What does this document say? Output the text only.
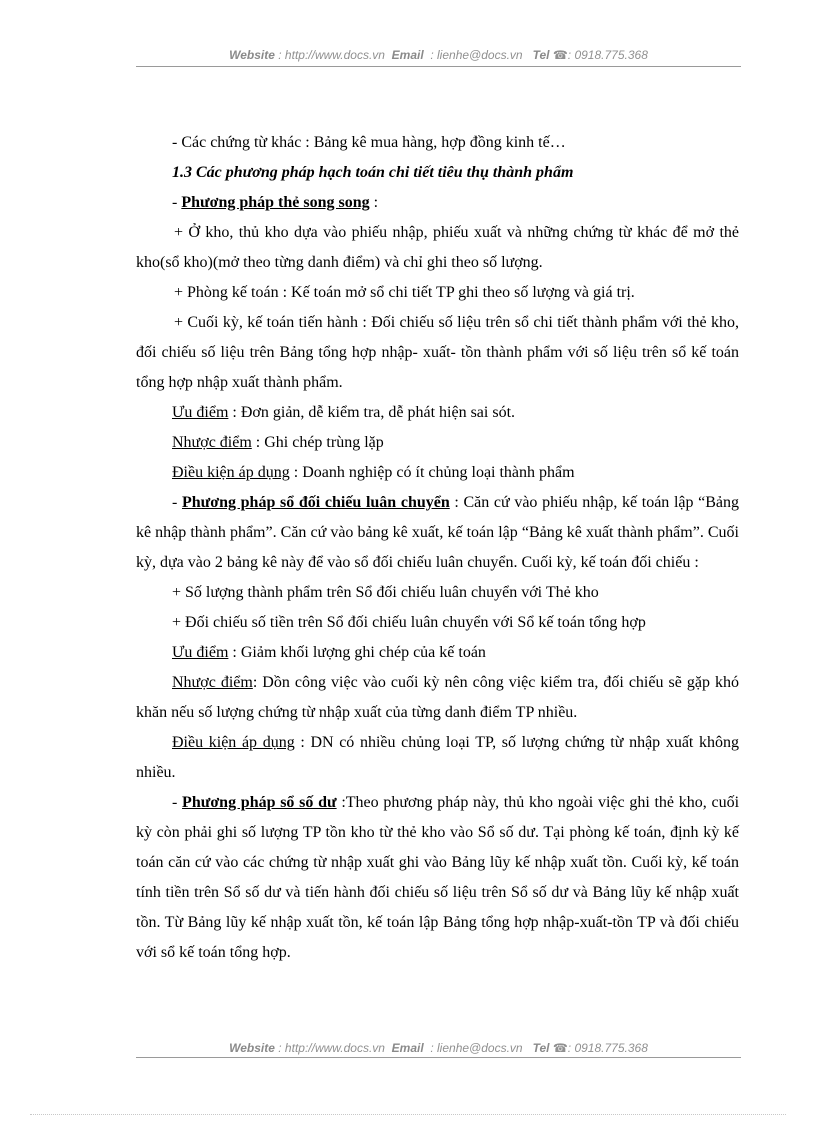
Website : http://www.docs.vn Email : lienhe@docs.vn Tel ☎: 0918.775.368

- Các chứng từ khác : Bảng kê mua hàng, hợp đồng kinh tế…

1.3 Các phương pháp hạch toán chi tiết tiêu thụ thành phẩm

- Phương pháp thẻ song song :

+ Ở kho, thủ kho dựa vào phiếu nhập, phiếu xuất và những chứng từ khác để mở thẻ kho(sổ kho)(mở theo từng danh điểm) và chỉ ghi theo số lượng.

+ Phòng kế toán : Kế toán mở sổ chi tiết TP ghi theo số lượng và giá trị.

+ Cuối kỳ, kế toán tiến hành : Đối chiếu số liệu trên sổ chi tiết thành phẩm với thẻ kho, đối chiếu số liệu trên Bảng tổng hợp nhập- xuất- tồn thành phẩm với số liệu trên sổ kế toán tổng hợp nhập xuất thành phẩm.

Ưu điểm : Đơn giản, dễ kiểm tra, dễ phát hiện sai sót.

Nhược điểm : Ghi chép trùng lặp

Điều kiện áp dụng : Doanh nghiệp có ít chủng loại thành phẩm

- Phương pháp sổ đối chiếu luân chuyển : Căn cứ vào phiếu nhập, kế toán lập “Bảng kê nhập thành phẩm”. Căn cứ vào bảng kê xuất, kế toán lập “Bảng kê xuất thành phẩm”. Cuối kỳ, dựa vào 2 bảng kê này để vào sổ đối chiếu luân chuyển. Cuối kỳ, kế toán đối chiếu :

+ Số lượng thành phẩm trên Sổ đối chiếu luân chuyển với Thẻ kho

+ Đối chiếu số tiền trên Sổ đối chiếu luân chuyển với Sổ kế toán tổng hợp

Ưu điểm : Giảm khối lượng ghi chép của kế toán

Nhược điểm: Dồn công việc vào cuối kỳ nên công việc kiểm tra, đối chiếu sẽ gặp khó khăn nếu số lượng chứng từ nhập xuất của từng danh điểm TP nhiều.

Điều kiện áp dụng : DN có nhiều chủng loại TP, số lượng chứng từ nhập xuất không nhiều.

- Phương pháp sổ số dư :Theo phương pháp này, thủ kho ngoài việc ghi thẻ kho, cuối kỳ còn phải ghi số lượng TP tồn kho từ thẻ kho vào Sổ số dư. Tại phòng kế toán, định kỳ kế toán căn cứ vào các chứng từ nhập xuất ghi vào Bảng lũy kế nhập xuất tồn. Cuối kỳ, kế toán tính tiền trên Sổ số dư và tiến hành đối chiếu số liệu trên Sổ số dư và Bảng lũy kế nhập xuất tồn. Từ Bảng lũy kế nhập xuất tồn, kế toán lập Bảng tổng hợp nhập-xuất-tồn TP và đối chiếu với sổ kế toán tổng hợp.

Website : http://www.docs.vn Email : lienhe@docs.vn Tel ☎: 0918.775.368
